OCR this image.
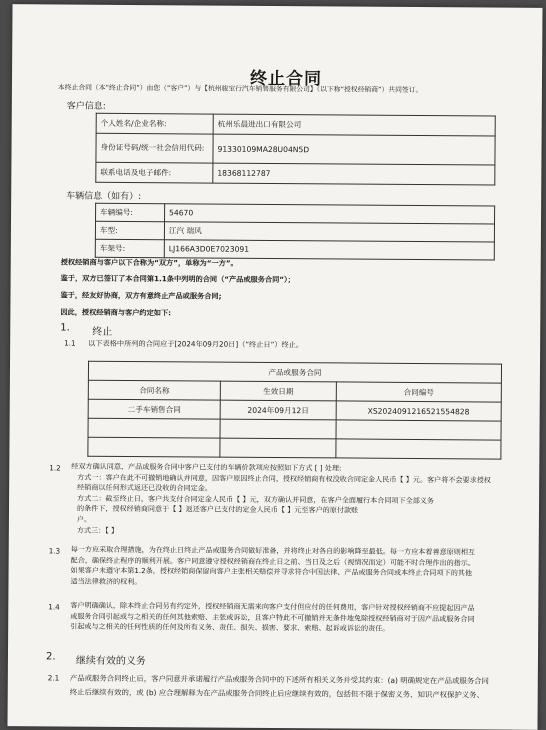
终止合同
本终止合同（本“终止合同”）由您（“客户”）与【杭州骏宝行汽车销售服务有限公司】（以下称“授权经销商”）共同签订。
客户信息:
个人姓名/企业名称:	杭州乐晨进出口有限公司
身份证号码/统一社会信用代码:	91330109MA28U04N5D
联系电话及电子邮件:	18368112787
车辆信息（如有）:
车辆编号:	54670
车型:	江汽 瑞风
车架号:	LJ166A3D0E7023091
授权经销商与客户以下合称为“双方”，单称为“一方”。
鉴于，双方已签订了本合同第1.1条中列明的合同（“产品或服务合同”）；
鉴于，经友好协商，双方有意终止产品或服务合同;
因此，授权经销商与客户约定如下:
1. 终止
1.1 以下表格中所列的合同应于[2024年09月20日]（“终止日”）终止。
产品或服务合同		
合同名称	生效日期	合同编号
二手车销售合同	2024年09月12日	XS2024091216521554828

1.2 经双方确认同意，产品或服务合同中客户已支付的车辆价款项应按照如下方式 [ ] 处理:
方式一：客户在此不可撤销地确认并同意，因客户原因终止合同，授权经销商有权没收合同定金人民币【 】元。客户将不会要求授权
经销商以任何形式返还已没收的合同定金。
方式二：截至终止日，客户共支付合同定金人民币【 】元，双方确认并同意，在客户全面履行本合同项下全部义务
的条件下，授权经销商同意于【 】返还客户已支付的定金人民币【 】元至客户的原付款账
户。
方式三：【 】
1.3 每一方应采取合理措施，为在终止日终止产品或服务合同做好准备，并将终止对各自的影响降至最低。每一方应本着善意原则相互
配合，确保终止程序的顺利开展。客户同意遵守授权经销商在终止日之前、当日及之后（视情况而定）可能不时合理作出的指示。
如果客户未遵守本第1.2条，授权经销商保留向客户主张相关赔偿并寻求符合中国法律、产品或服务合同或本终止合同项下的其他
适当法律救济的权利。
1.4 客户明确确认，除本终止合同另有约定外，授权经销商无需来向客户支付但应付的任何费用，客户针对授权经销商不应提起因产品
或服务合同引起或与之相关的任何其他索赔、主张或诉讼，且客户特此不可撤销并无条件地免除授权经销商对于因产品或服务合同
引起或与之相关的任何性质的任何及所有义务、责任、损失、损害、要求、索赔、起诉或诉讼的责任。
2. 继续有效的义务
2.1 产品或服务合同终止后，客户同意并承诺履行产品或服务合同中的下述所有相关义务并受其约束：(a) 明确规定在产品或服务合同
终止后继续有效的，或 (b) 应合理解释为在产品或服务合同终止后应继续有效的，包括但不限于保密义务、知识产权保护义务、
